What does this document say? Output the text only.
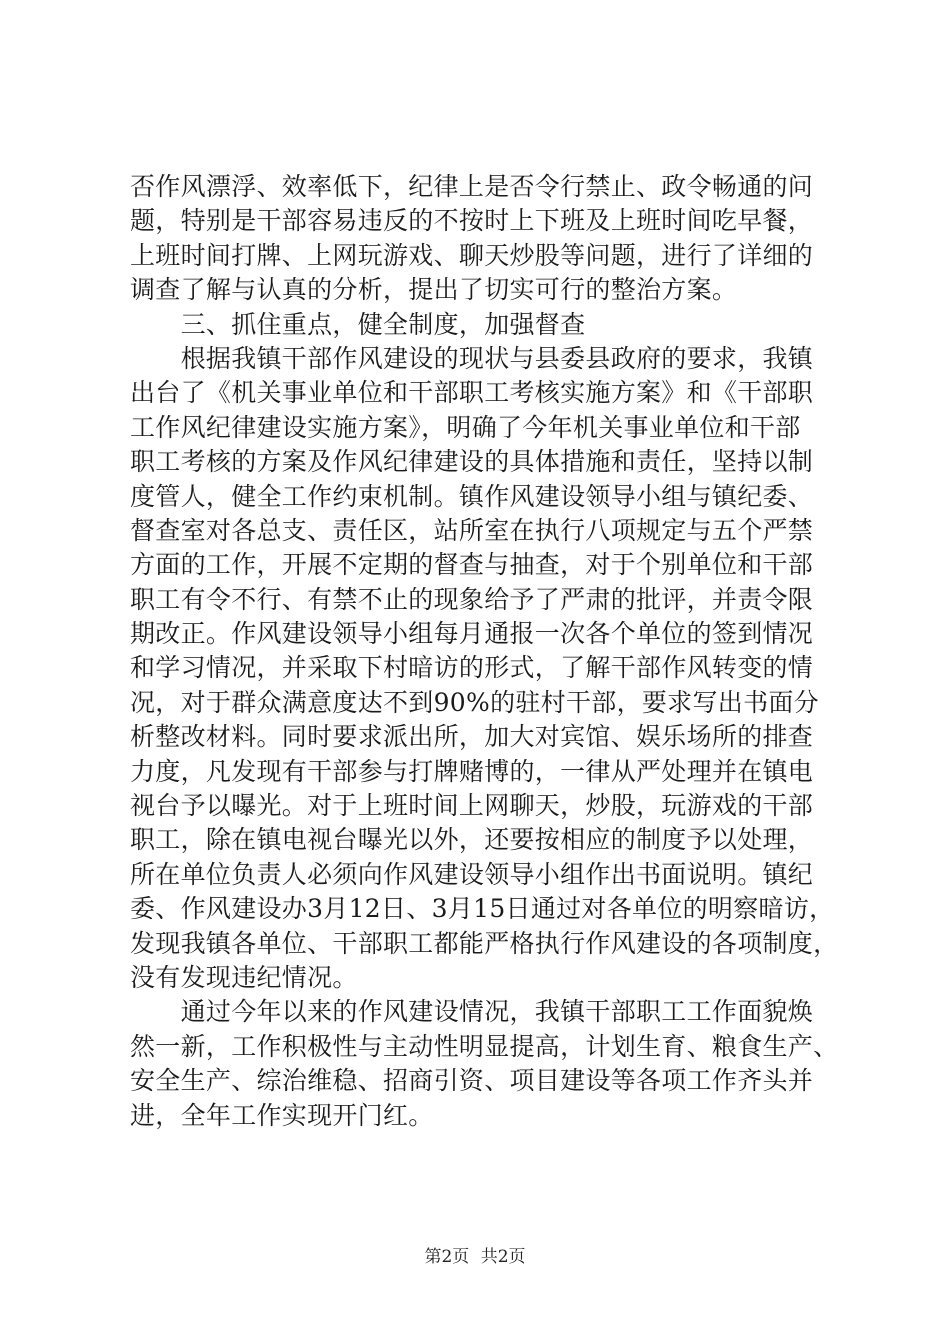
否作风漂浮、效率低下，纪律上是否令行禁止、政令畅通的问
题，特别是干部容易违反的不按时上下班及上班时间吃早餐，
上班时间打牌、上网玩游戏、聊天炒股等问题，进行了详细的
调查了解与认真的分析，提出了切实可行的整治方案。
　　三、抓住重点，健全制度，加强督查
　　根据我镇干部作风建设的现状与县委县政府的要求，我镇
出台了《机关事业单位和干部职工考核实施方案》和《干部职
工作风纪律建设实施方案》，明确了今年机关事业单位和干部
职工考核的方案及作风纪律建设的具体措施和责任，坚持以制
度管人，健全工作约束机制。镇作风建设领导小组与镇纪委、
督查室对各总支、责任区，站所室在执行八项规定与五个严禁
方面的工作，开展不定期的督查与抽查，对于个别单位和干部
职工有令不行、有禁不止的现象给予了严肃的批评，并责令限
期改正。作风建设领导小组每月通报一次各个单位的签到情况
和学习情况，并采取下村暗访的形式，了解干部作风转变的情
况，对于群众满意度达不到90%的驻村干部，要求写出书面分
析整改材料。同时要求派出所，加大对宾馆、娱乐场所的排查
力度，凡发现有干部参与打牌赌博的，一律从严处理并在镇电
视台予以曝光。对于上班时间上网聊天，炒股，玩游戏的干部
职工，除在镇电视台曝光以外，还要按相应的制度予以处理，
所在单位负责人必须向作风建设领导小组作出书面说明。镇纪
委、作风建设办3月12日、3月15日通过对各单位的明察暗访，
发现我镇各单位、干部职工都能严格执行作风建设的各项制度，
没有发现违纪情况。
　　通过今年以来的作风建设情况，我镇干部职工工作面貌焕
然一新，工作积极性与主动性明显提高，计划生育、粮食生产、
安全生产、综治维稳、招商引资、项目建设等各项工作齐头并
进，全年工作实现开门红。
第2页 共2页
